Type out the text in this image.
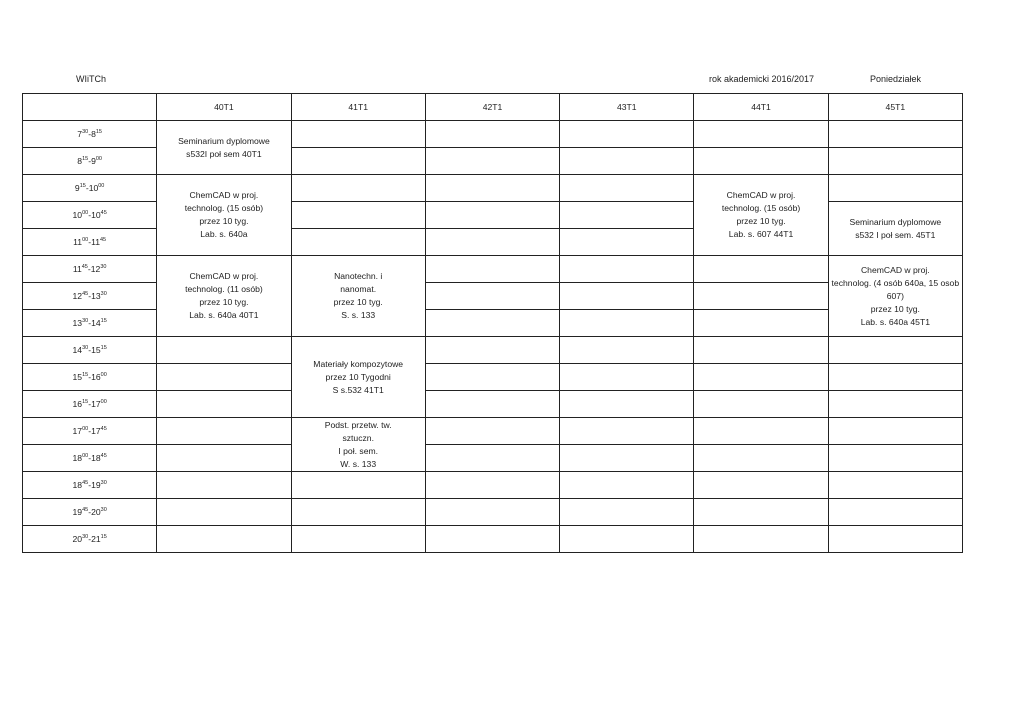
WIiTCh	rok akademicki 2016/2017	Poniedziałek
	40T1	41T1	42T1	43T1	44T1	45T1
$7^{30}-8^{15}$	Seminarium dyplomowe
s532I poł sem 40T1					

$8^{15}-9^{00}$					
$9^{15}-10^{00}$	ChemCAD w proj.
technolog. (15 osób)
przez 10 tyg.
Lab. s. 640a				ChemCAD w proj.
technolog. (15 osób)
przez 10 tyg.
Lab. s. 607 44T1	

$10^{00}-10^{45}$						Seminarium dyplomowe
s532 I poł sem. 45T1

$11^{00}-11^{45}$			
$11^{45}-12^{30}$	ChemCAD w proj.
technolog. (11 osób)
przez 10 tyg.
Lab. s. 640a 40T1	Nanotechn. i
nanomat.
przez 10 tyg.
S. s. 133				ChemCAD w proj.
technolog. (4 osób 640a, 15 osob
607)
przez 10 tyg.
Lab. s. 640a 45T1

$12^{45}-13^{30}$			
$13^{30}-14^{15}$			
$14^{30}-15^{15}$		Materiały kompozytowe
przez 10 Tygodni
S s.532 41T1				

$15^{15}-16^{00}$					
$16^{15}-17^{00}$					
$17^{00}-17^{45}$		Podst. przetw. tw.
sztuczn.
I poł. sem.
W. s. 133				

$18^{00}-18^{45}$					
$18^{45}-19^{30}$						
$19^{45}-20^{30}$						
$20^{30}-21^{15}$						
